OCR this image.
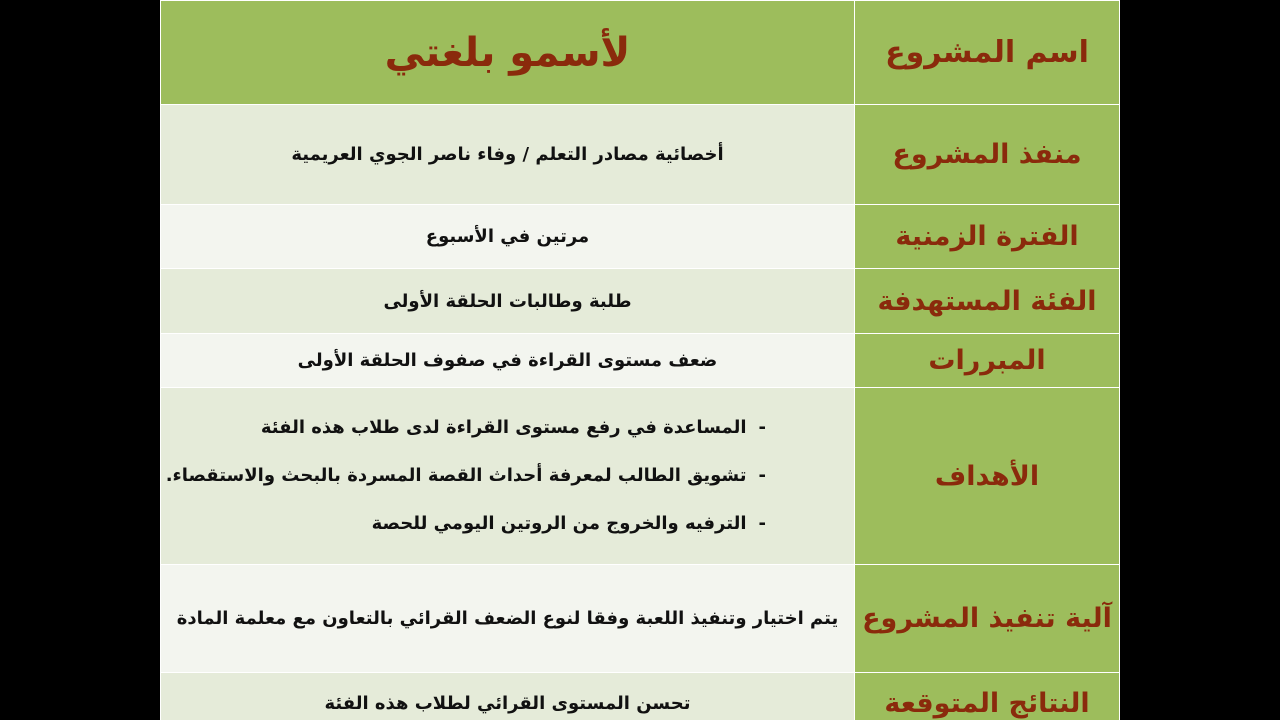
اسم المشروع	لأسمو بلغتي
منفذ المشروع	أخصائية مصادر التعلم / وفاء ناصر الجوي العريمية
الفترة الزمنية	مرتين في الأسبوع
الفئة المستهدفة	طلبة وطالبات الحلقة الأولى
المبررات	ضعف مستوى القراءة في صفوف الحلقة الأولى
الأهداف	-المساعدة في رفع مستوى القراءة لدى طلاب هذه الفئة
-تشويق الطالب لمعرفة أحداث القصة المسردة بالبحث والاستقصاء.
-الترفيه والخروج من الروتين اليومي للحصة

آلية تنفيذ المشروع	يتم اختيار وتنفيذ اللعبة وفقا لنوع الضعف القرائي بالتعاون مع معلمة المادة
النتائج المتوقعة	تحسن المستوى القرائي لطلاب هذه الفئة
